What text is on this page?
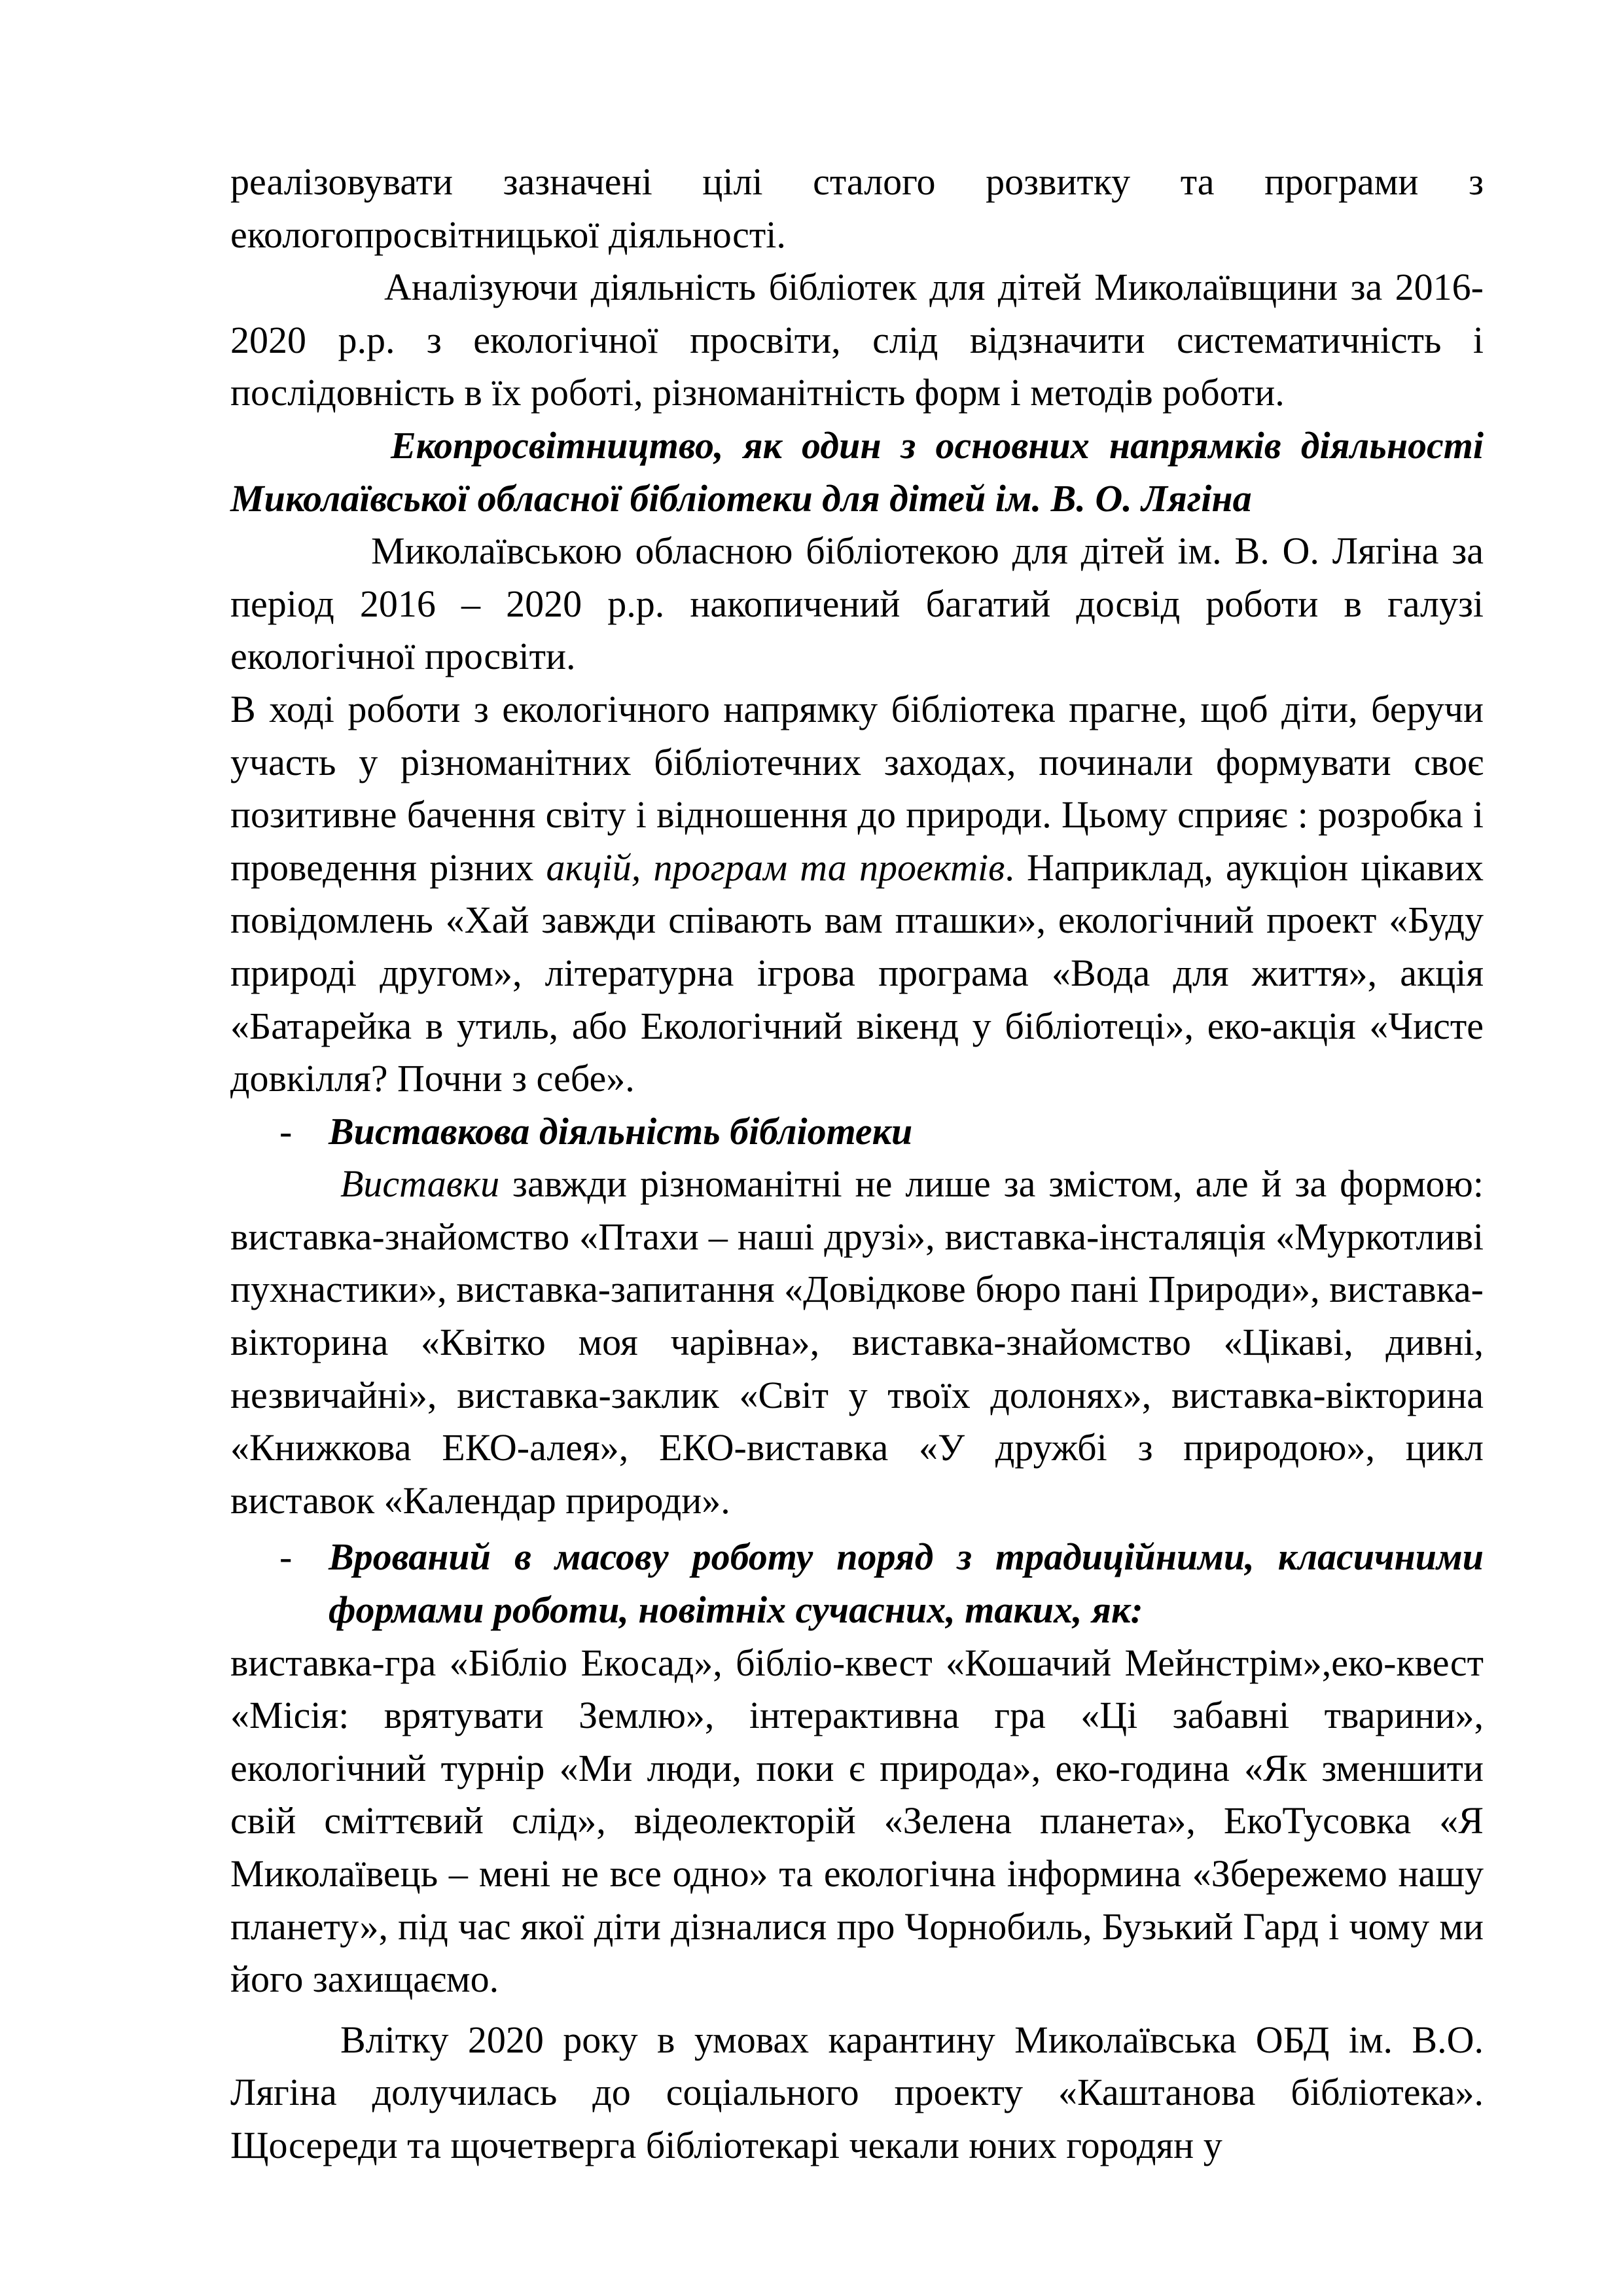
реалізовувати зазначені цілі сталого розвитку та програми з екологопросвітницької діяльності.

Аналізуючи діяльність бібліотек для дітей Миколаївщини за 2016-2020 р.р. з екологічної просвіти, слід відзначити систематичність і послідовність в їх роботі, різноманітність форм і методів роботи.

Екопросвітництво, як один з основних напрямків діяльності Миколаївської обласної бібліотеки для дітей ім. В. О. Лягіна

Миколаївською обласною бібліотекою для дітей ім. В. О. Лягіна за період 2016 – 2020 р.р. накопичений багатий досвід роботи в галузі екологічної просвіти.

В ході роботи з екологічного напрямку бібліотека прагне, щоб діти, беручи участь у різноманітних бібліотечних заходах, починали формувати своє позитивне бачення світу і відношення до природи. Цьому сприяє : розробка і проведення різних акцій, програм та проектів. Наприклад, аукціон цікавих повідомлень «Хай завжди співають вам пташки», екологічний проект «Буду природі другом», літературна ігрова програма «Вода для життя», акція «Батарейка в утиль, або Екологічний вікенд у бібліотеці», еко-акція «Чисте довкілля? Почни з себе».

- Виставкова діяльність бібліотеки

Виставки завжди різноманітні не лише за змістом, але й за формою: виставка-знайомство «Птахи – наші друзі», виставка-інсталяція «Муркотливі пухнастики», виставка-запитання «Довідкове бюро пані Природи», виставка-вікторина «Квітко моя чарівна», виставка-знайомство «Цікаві, дивні, незвичайні», виставка-заклик «Світ у твоїх долонях», виставка-вікторина «Книжкова ЕКО-алея», ЕКО-виставка «У дружбі з природою», цикл виставок «Календар природи».

- Врований в масову роботу поряд з традиційними, класичними формами роботи, новітніх сучасних, таких, як:

виставка-гра «Бібліо Екосад», бібліо-квест «Кошачий Мейнстрім»,еко-квест «Місія: врятувати Землю», інтерактивна гра «Ці забавні тварини», екологічний турнір «Ми люди, поки є природа», еко-година «Як зменшити свій сміттєвий слід», відеолекторій «Зелена планета», ЕкоТусовка «Я Миколаївець – мені не все одно» та екологічна інформина «Збережемо нашу планету», під час якої діти дізналися про Чорнобиль, Бузький Гард і чому ми його захищаємо.

Влітку 2020 року в умовах карантину Миколаївська ОБД ім. В.О. Лягіна долучилась до соціального проекту «Каштанова бібліотека». Щосереди та щочетверга бібліотекарі чекали юних городян у
